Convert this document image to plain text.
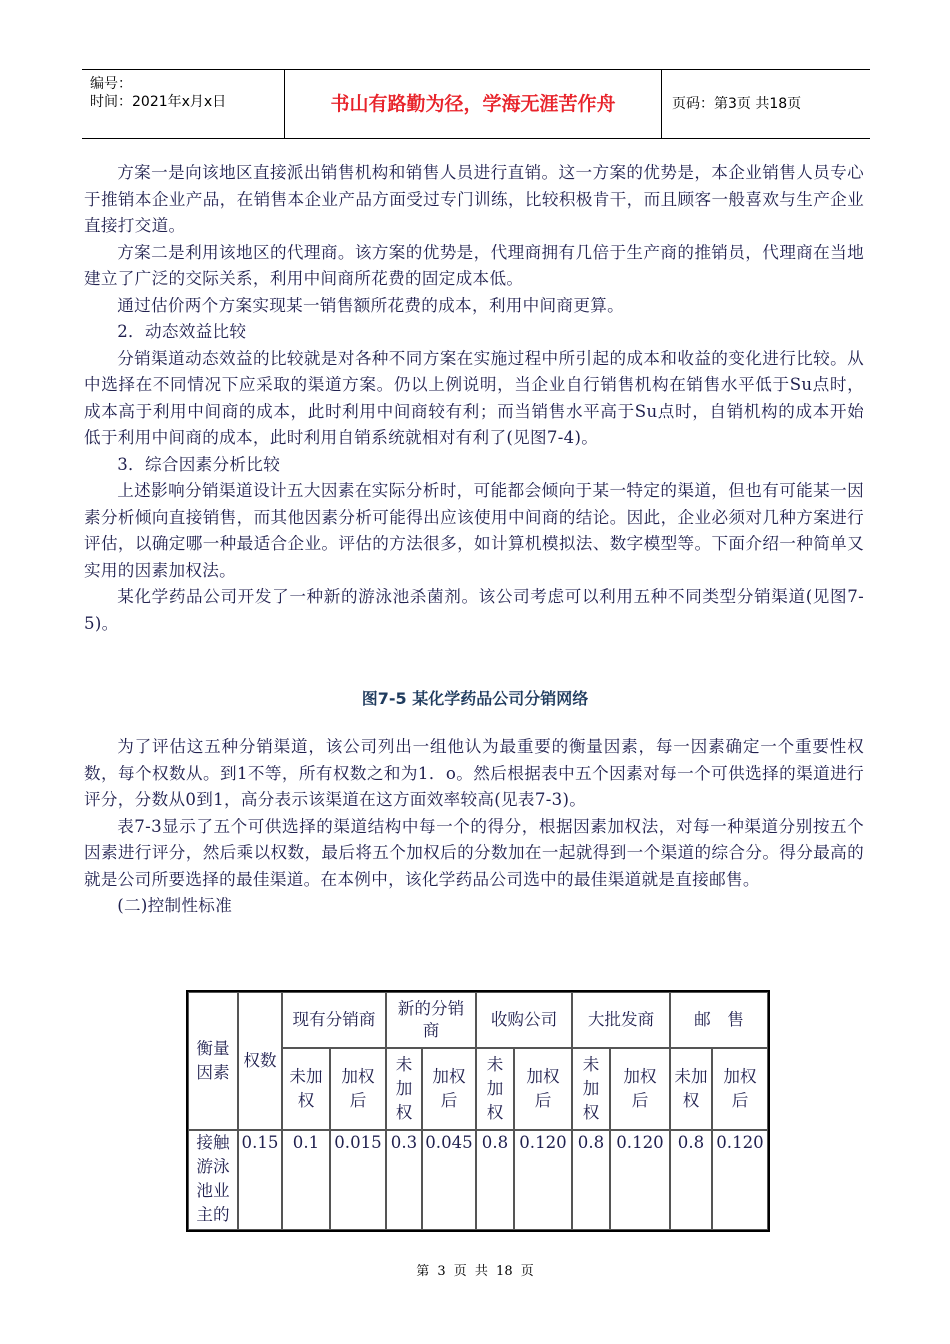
编号：
时间：2021年x月x日	书山有路勤为径，学海无涯苦作舟	页码：第3页 共18页

方案一是向该地区直接派出销售机构和销售人员进行直销。这一方案的优势是，本企业销售人员专心于推销本企业产品，在销售本企业产品方面受过专门训练，比较积极肯干，而且顾客一般喜欢与生产企业直接打交道。

方案二是利用该地区的代理商。该方案的优势是，代理商拥有几倍于生产商的推销员，代理商在当地建立了广泛的交际关系，利用中间商所花费的固定成本低。

通过估价两个方案实现某一销售额所花费的成本，利用中间商更算。

2．动态效益比较

分销渠道动态效益的比较就是对各种不同方案在实施过程中所引起的成本和收益的变化进行比较。从中选择在不同情况下应采取的渠道方案。仍以上例说明，当企业自行销售机构在销售水平低于Su点时，成本高于利用中间商的成本，此时利用中间商较有利；而当销售水平高于Su点时，自销机构的成本开始低于利用中间商的成本，此时利用自销系统就相对有利了(见图7-4)。

3．综合因素分析比较

上述影响分销渠道设计五大因素在实际分析时，可能都会倾向于某一特定的渠道，但也有可能某一因素分析倾向直接销售，而其他因素分析可能得出应该使用中间商的结论。因此，企业必须对几种方案进行评估，以确定哪一种最适合企业。评估的方法很多，如计算机模拟法、数字模型等。下面介绍一种简单又实用的因素加权法。

某化学药品公司开发了一种新的游泳池杀菌剂。该公司考虑可以利用五种不同类型分销渠道(见图7-5)。

图7-5 某化学药品公司分销网络

为了评估这五种分销渠道，该公司列出一组他认为最重要的衡量因素，每一因素确定一个重要性权数，每个权数从。到1不等，所有权数之和为1．o。然后根据表中五个因素对每一个可供选择的渠道进行评分，分数从0到1，高分表示该渠道在这方面效率较高(见表7-3)。

表7-3显示了五个可供选择的渠道结构中每一个的得分，根据因素加权法，对每一种渠道分别按五个因素进行评分，然后乘以权数，最后将五个加权后的分数加在一起就得到一个渠道的综合分。得分最高的就是公司所要选择的最佳渠道。在本例中，该化学药品公司选中的最佳渠道就是直接邮售。

(二)控制性标准

衡量因素	权数	现有分销商		新的分销商		收购公司		大批发商		邮　售	

		未加权	加权后	未加权	加权后	未加权	加权后	未加权	加权后	未加权	加权后

接触游泳池业主的	0.15	0.1	0.015	0.3	0.045	0.8	0.120	0.8	0.120	0.8	0.120
第 3 页 共 18 页
